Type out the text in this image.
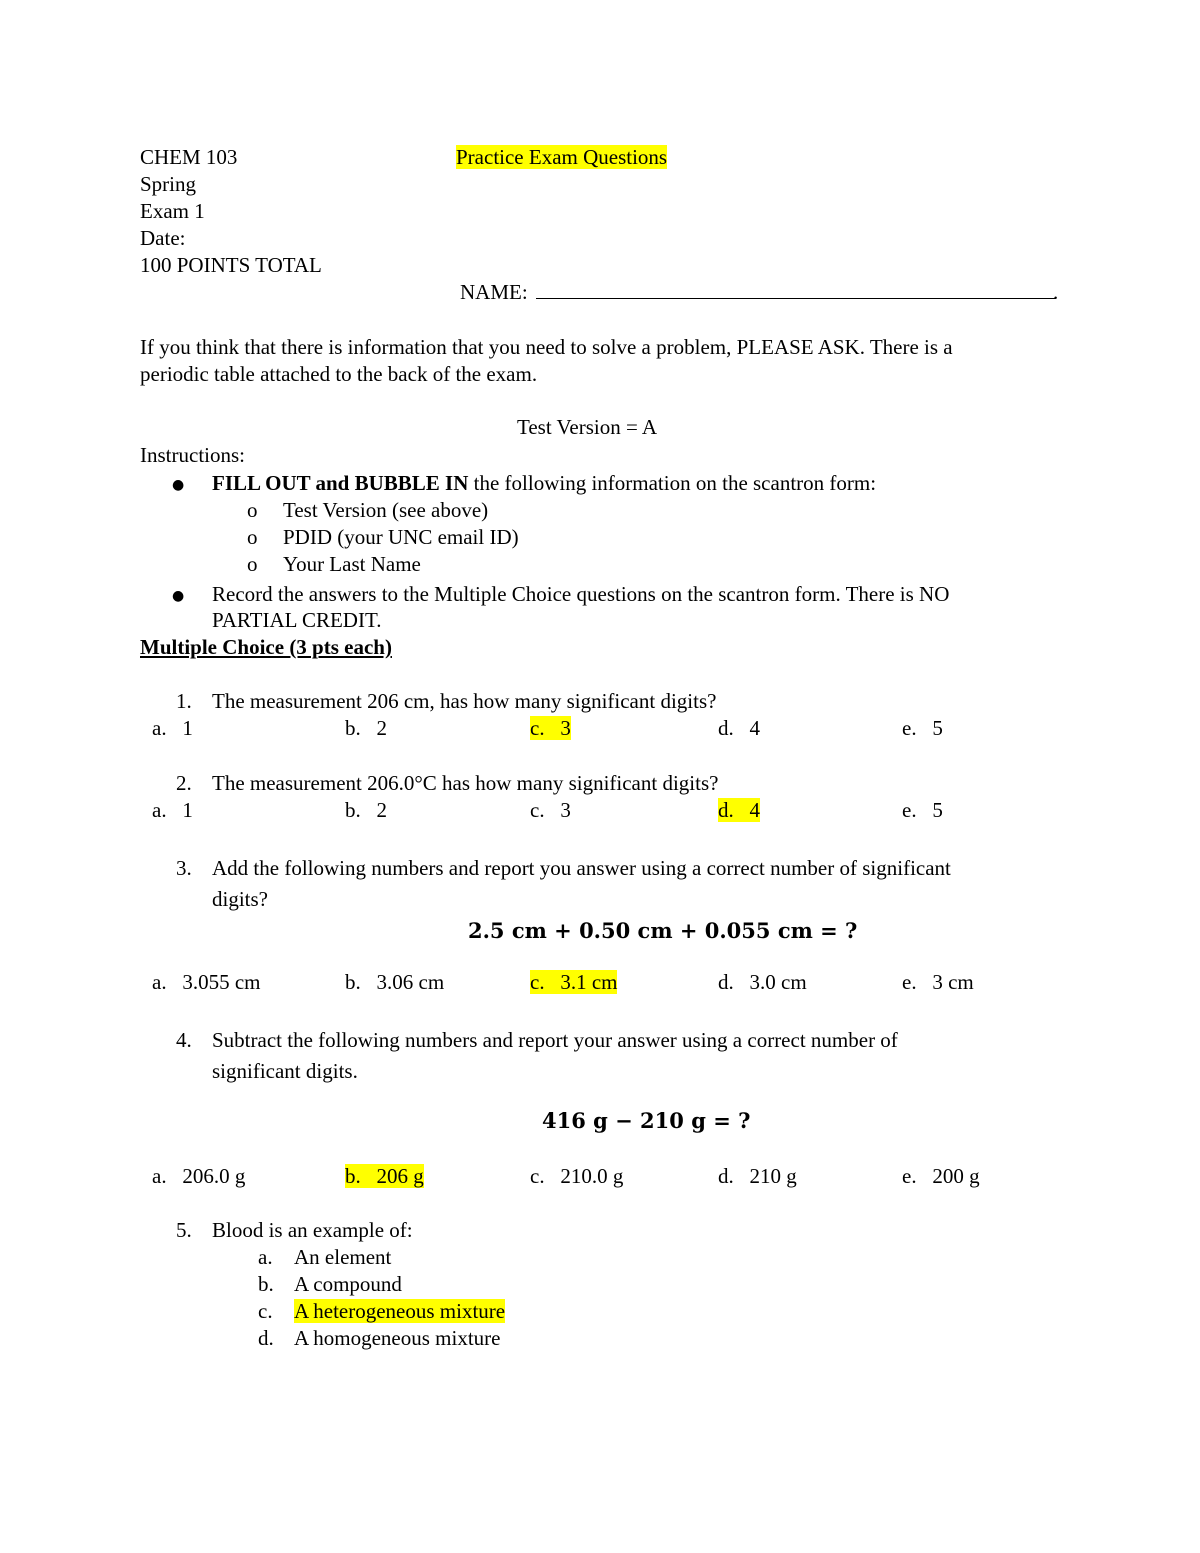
CHEM 103	Practice Exam Questions
Spring
Exam 1
Date:
100 POINTS TOTAL
NAME:	.
If you think that there is information that you need to solve a problem, PLEASE ASK. There is a
periodic table attached to the back of the exam.
Test Version = A
Instructions:
● FILL OUT and BUBBLE IN the following information on the scantron form:
o Test Version (see above)
o PDID (your UNC email ID)
o Your Last Name
● Record the answers to the Multiple Choice questions on the scantron form. There is NO
PARTIAL CREDIT.
Multiple Choice (3 pts each)
1. The measurement 206 cm, has how many significant digits?
a. 1	b. 2	c. 3	d. 4	e. 5
2. The measurement 206.0°C has how many significant digits?
a. 1	b. 2	c. 3	d. 4	e. 5
3. Add the following numbers and report you answer using a correct number of significant
digits?
2.5 cm + 0.50 cm + 0.055 cm = ?
a. 3.055 cm	b. 3.06 cm	c. 3.1 cm	d. 3.0 cm	e. 3 cm
4. Subtract the following numbers and report your answer using a correct number of
significant digits.
416 g − 210 g = ?
a. 206.0 g	b. 206 g	c. 210.0 g	d. 210 g	e. 200 g
5. Blood is an example of:
a. An element
b. A compound
c. A heterogeneous mixture
d. A homogeneous mixture
